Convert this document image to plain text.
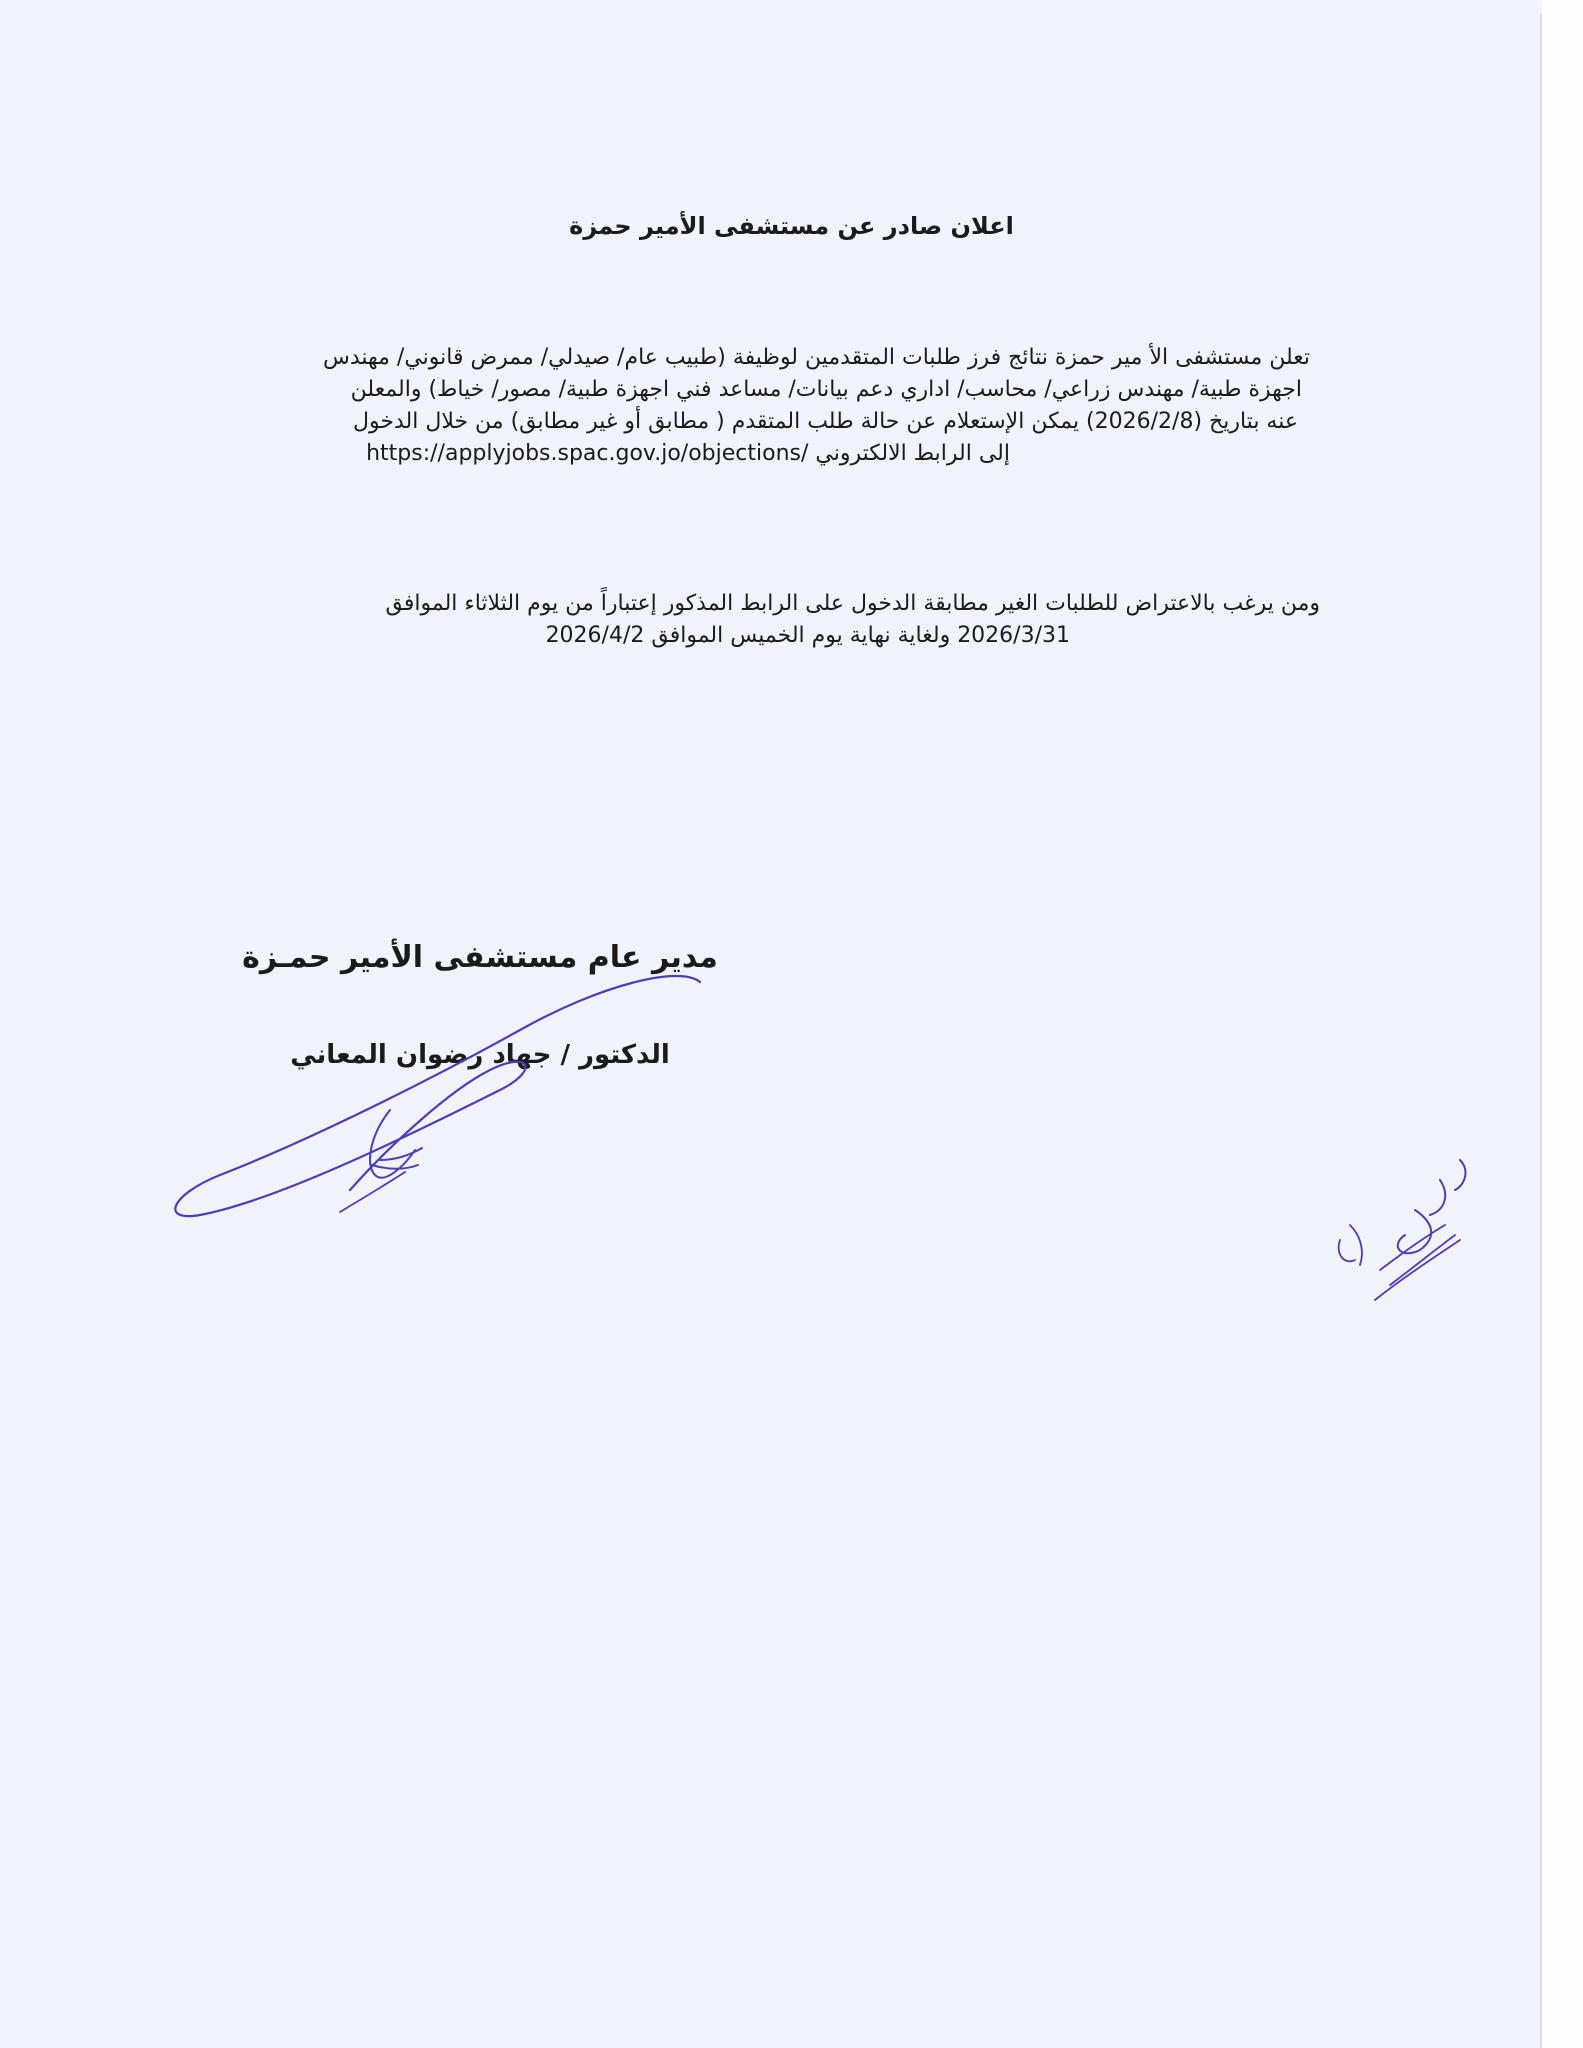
اعلان صادر عن مستشفى الأمير حمزة
تعلن مستشفى الأ مير حمزة نتائج فرز طلبات المتقدمين لوظيفة (طبيب عام/ صيدلي/ ممرض قانوني/ مهندس
اجهزة طبية/ مهندس زراعي/ محاسب/ اداري دعم بيانات/ مساعد فني اجهزة طبية/ مصور/ خياط) والمعلن
عنه بتاريخ (2026/2/8) يمكن الإستعلام عن حالة طلب المتقدم ( مطابق أو غير مطابق) من خلال الدخول
إلى الرابط الالكتروني /https://applyjobs.spac.gov.jo/objections
ومن يرغب بالاعتراض للطلبات الغير مطابقة الدخول على الرابط المذكور إعتباراً من يوم الثلاثاء الموافق
2026/3/31 ولغاية نهاية يوم الخميس الموافق 2026/4/2
مدير عام مستشفى الأمير حمـزة
الدكتور / جهاد رضوان المعاني
